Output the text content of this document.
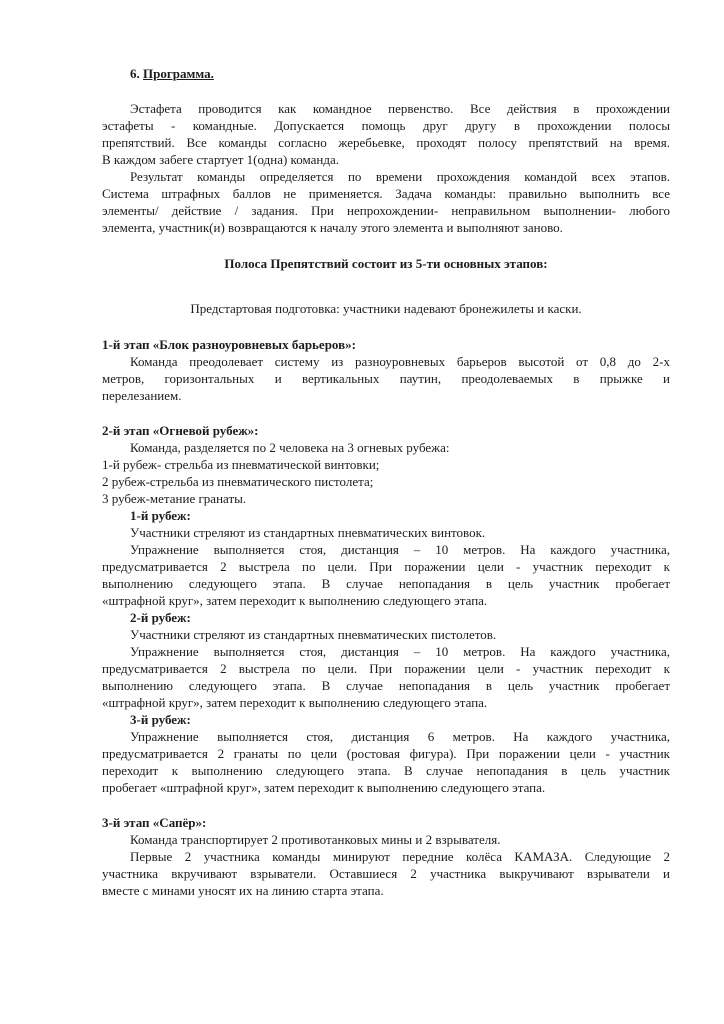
6. Программа.
Эстафета проводится как командное первенство. Все действия в прохождении
эстафеты - командные. Допускается помощь друг другу в прохождении полосы
препятствий. Все команды согласно жеребьевке, проходят полосу препятствий на время.
В каждом забеге стартует 1(одна) команда.
Результат команды определяется по времени прохождения командой всех этапов.
Система штрафных баллов не применяется. Задача команды: правильно выполнить все
элементы/ действие / задания. При непрохождении- неправильном выполнении- любого
элемента, участник(и) возвращаются к началу этого элемента и выполняют заново.
Полоса Препятствий состоит из 5-ти основных этапов:
Предстартовая подготовка: участники надевают бронежилеты и каски.
1-й этап «Блок разноуровневых барьеров»:
Команда преодолевает систему из разноуровневых барьеров высотой от 0,8 до 2-х
метров, горизонтальных и вертикальных паутин, преодолеваемых в прыжке и
перелезанием.
2-й этап «Огневой рубеж»:
Команда, разделяется по 2 человека на 3 огневых рубежа:
1-й рубеж- стрельба из пневматической винтовки;
2 рубеж-стрельба из пневматического пистолета;
3 рубеж-метание гранаты.
1-й рубеж:
Участники стреляют из стандартных пневматических винтовок.
Упражнение выполняется стоя, дистанция – 10 метров. На каждого участника,
предусматривается 2 выстрела по цели. При поражении цели - участник переходит к
выполнению следующего этапа. В случае непопадания в цель участник пробегает
«штрафной круг», затем переходит к выполнению следующего этапа.
2-й рубеж:
Участники стреляют из стандартных пневматических пистолетов.
Упражнение выполняется стоя, дистанция – 10 метров. На каждого участника,
предусматривается 2 выстрела по цели. При поражении цели - участник переходит к
выполнению следующего этапа. В случае непопадания в цель участник пробегает
«штрафной круг», затем переходит к выполнению следующего этапа.
3-й рубеж:
Упражнение выполняется стоя, дистанция 6 метров. На каждого участника,
предусматривается 2 гранаты по цели (ростовая фигура). При поражении цели - участник
переходит к выполнению следующего этапа. В случае непопадания в цель участник
пробегает «штрафной круг», затем переходит к выполнению следующего этапа.
3-й этап «Сапёр»:
Команда транспортирует 2 противотанковых мины и 2 взрывателя.
Первые 2 участника команды минируют передние колёса КАМАЗА. Следующие 2
участника вкручивают взрыватели. Оставшиеся 2 участника выкручивают взрыватели и
вместе с минами уносят их на линию старта этапа.
